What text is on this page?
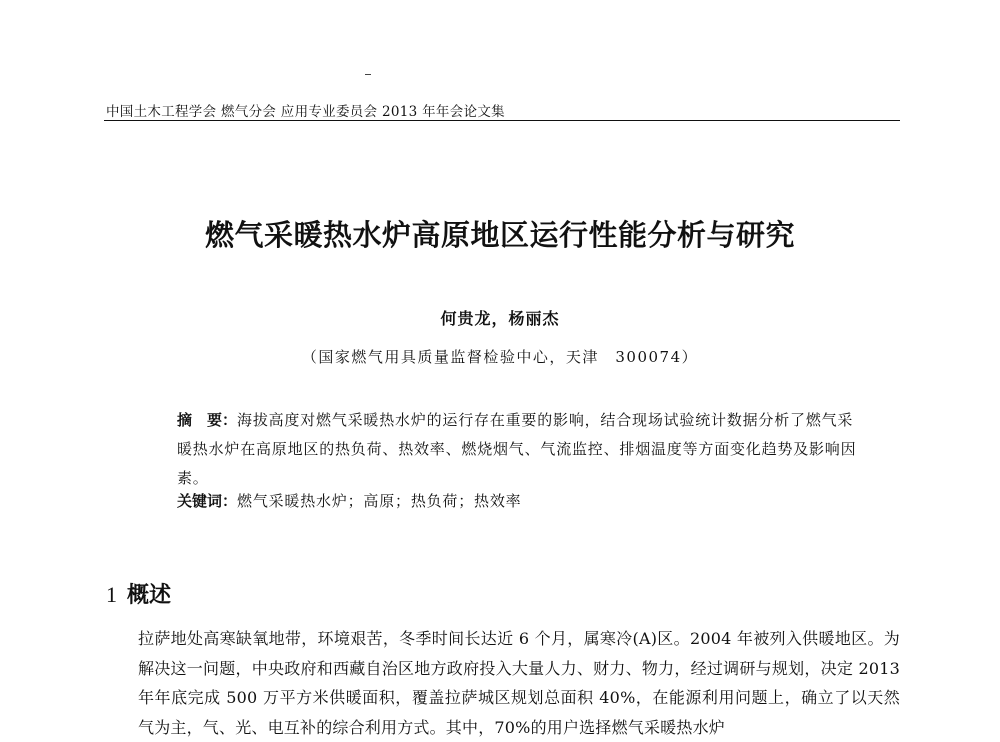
中国土木工程学会 燃气分会 应用专业委员会 2013 年年会论文集
燃气采暖热水炉高原地区运行性能分析与研究
何贵龙，杨丽杰
（国家燃气用具质量监督检验中心，天津　300074）
摘　要：海拔高度对燃气采暖热水炉的运行存在重要的影响，结合现场试验统计数据分析了燃气采暖热水炉在高原地区的热负荷、热效率、燃烧烟气、气流监控、排烟温度等方面变化趋势及影响因素。
关键词：燃气采暖热水炉；高原；热负荷；热效率
1 概述
拉萨地处高寒缺氧地带，环境艰苦，冬季时间长达近 6 个月，属寒冷(A)区。2004 年被列入供暖地区。为解决这一问题，中央政府和西藏自治区地方政府投入大量人力、财力、物力，经过调研与规划，决定 2013 年年底完成 500 万平方米供暖面积，覆盖拉萨城区规划总面积 40%，在能源利用问题上，确立了以天然气为主，气、光、电互补的综合利用方式。其中，70%的用户选择燃气采暖热水炉
